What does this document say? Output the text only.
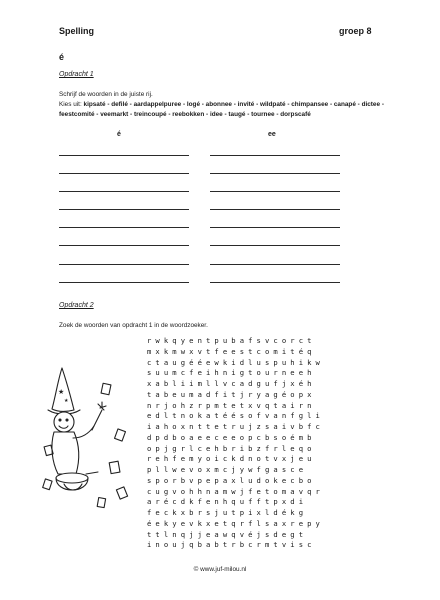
Spelling	groep 8
é
Opdracht 1
Schrijf de woorden in de juiste rij.
Kies uit: kipsaté - defilé - aardappelpuree - logé - abonnee - invité - wildpaté - chimpansee - canapé - dictee - feestcomité - veemarkt - treincoupé - reebokken - idee - taugé - tournee - dorpscafé
é	ee
Opdracht 2
Zoek de woorden van opdracht 1 in de woordzoeker.
★
★
rwkqyentpubafsvcorct
mxkmwxvtfeestcomitéq
ctaugééewkidluspuhikw
suumcfeihnigtourneeh
xabliimllvcadgufjxéh
tabeumadfitjryagéopx
nrjohzrpmtetxvqtairn
edltnokatéésofvanfgli
iahoxnttetrujzsaivbfc
dpdboaeeceeopcbsoémb
opjgrlcehbribzfrleqo
rehfemyoickdnotvxjeu
pllwevoxmcjywfgasce
sporbvpepaxludokecbo
cugvohhnamwjfetomavqr
arécdkfenhqufftpxdi
feckxbrsjutpixldékg
éekyevkxetqrflsaxrepy
ttlnqjjeawqvéjsdegt
inoujqbabtrbcrmtvisc
© www.juf-milou.nl
